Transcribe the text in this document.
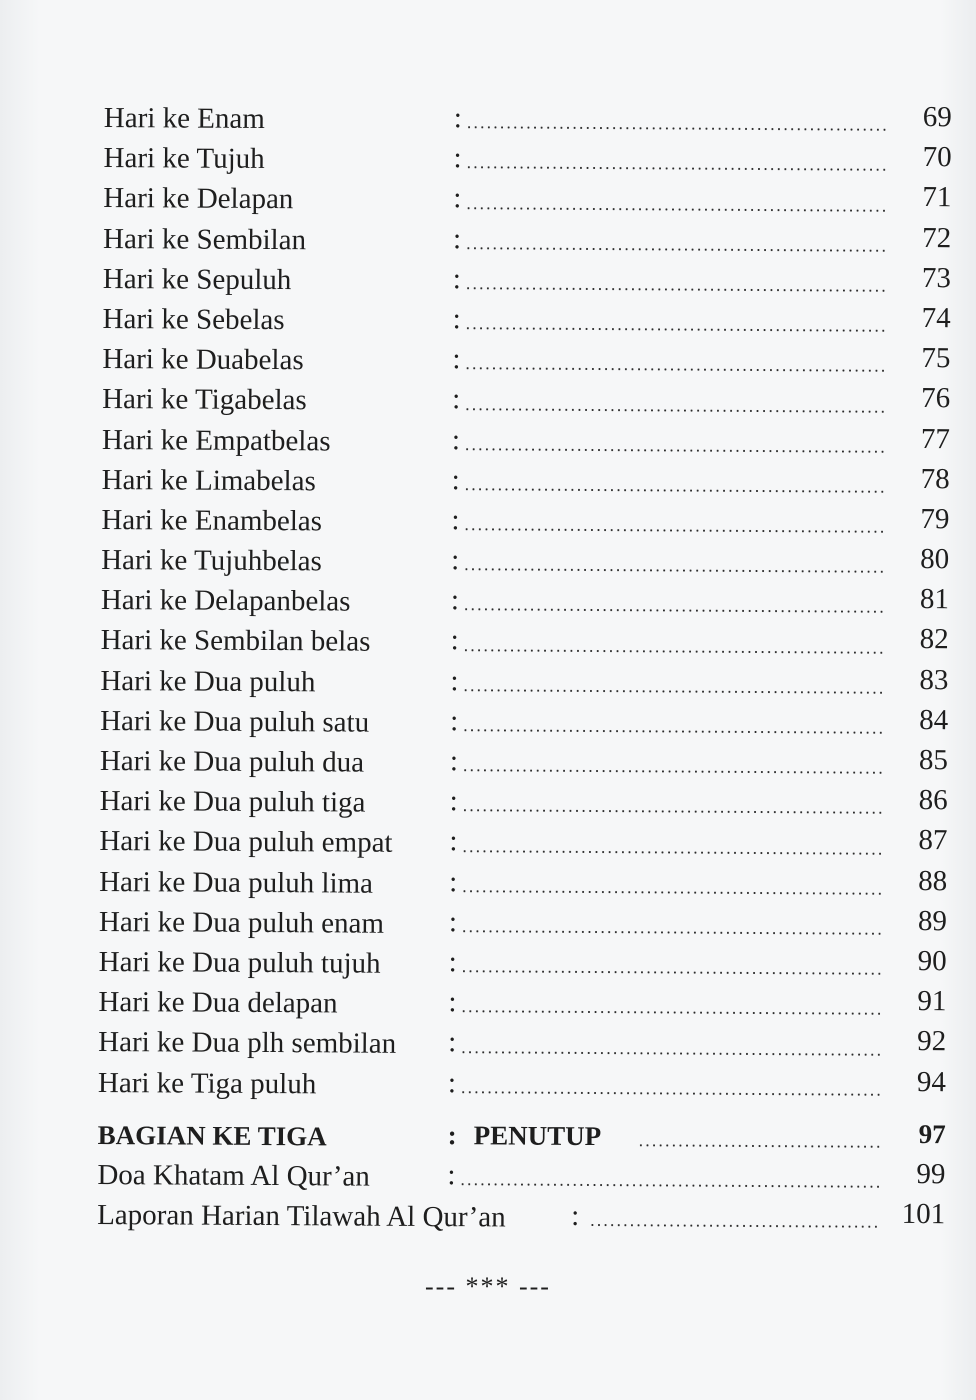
Hari ke Enam	:	69
Hari ke Tujuh	:	70
Hari ke Delapan	:	71
Hari ke Sembilan	:	72
Hari ke Sepuluh	:	73
Hari ke Sebelas	:	74
Hari ke Duabelas	:	75
Hari ke Tigabelas	:	76
Hari ke Empatbelas	:	77
Hari ke Limabelas	:	78
Hari ke Enambelas	:	79
Hari ke Tujuhbelas	:	80
Hari ke Delapanbelas	:	81
Hari ke Sembilan belas	:	82
Hari ke Dua puluh	:	83
Hari ke Dua puluh satu	:	84
Hari ke Dua puluh dua	:	85
Hari ke Dua puluh tiga	:	86
Hari ke Dua puluh empat :	87
Hari ke Dua puluh lima	:	88
Hari ke Dua puluh enam :	89
Hari ke Dua puluh tujuh :	90
Hari ke Dua delapan	:	91
Hari ke Dua plh sembilan :	92
Hari ke Tiga puluh	:	94
BAGIAN KE TIGA	: PENUTUP	97
Doa Khatam Al Qur’an	:	99
Laporan Harian Tilawah Al Qur’an :	101
--- *** ---
